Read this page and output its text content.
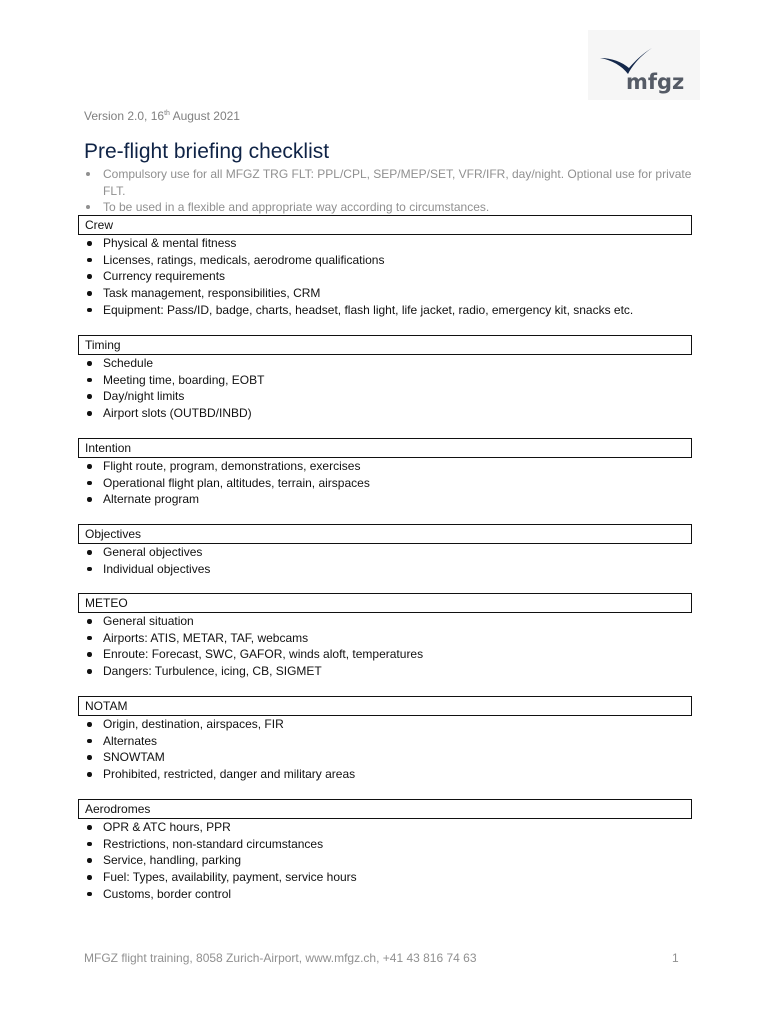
mfgz
Version 2.0, 16th August 2021
Pre-flight briefing checklist
Compulsory use for all MFGZ TRG FLT: PPL/CPL, SEP/MEP/SET, VFR/IFR, day/night. Optional use for private FLT.
To be used in a flexible and appropriate way according to circumstances.
Crew
Physical & mental fitness
Licenses, ratings, medicals, aerodrome qualifications
Currency requirements
Task management, responsibilities, CRM
Equipment: Pass/ID, badge, charts, headset, flash light, life jacket, radio, emergency kit, snacks etc.
Timing
Schedule
Meeting time, boarding, EOBT
Day/night limits
Airport slots (OUTBD/INBD)
Intention
Flight route, program, demonstrations, exercises
Operational flight plan, altitudes, terrain, airspaces
Alternate program
Objectives
General objectives
Individual objectives
METEO
General situation
Airports: ATIS, METAR, TAF, webcams
Enroute: Forecast, SWC, GAFOR, winds aloft, temperatures
Dangers: Turbulence, icing, CB, SIGMET
NOTAM
Origin, destination, airspaces, FIR
Alternates
SNOWTAM
Prohibited, restricted, danger and military areas
Aerodromes
OPR & ATC hours, PPR
Restrictions, non-standard circumstances
Service, handling, parking
Fuel: Types, availability, payment, service hours
Customs, border control
MFGZ flight training, 8058 Zurich-Airport, www.mfgz.ch, +41 43 816 74 63	1
